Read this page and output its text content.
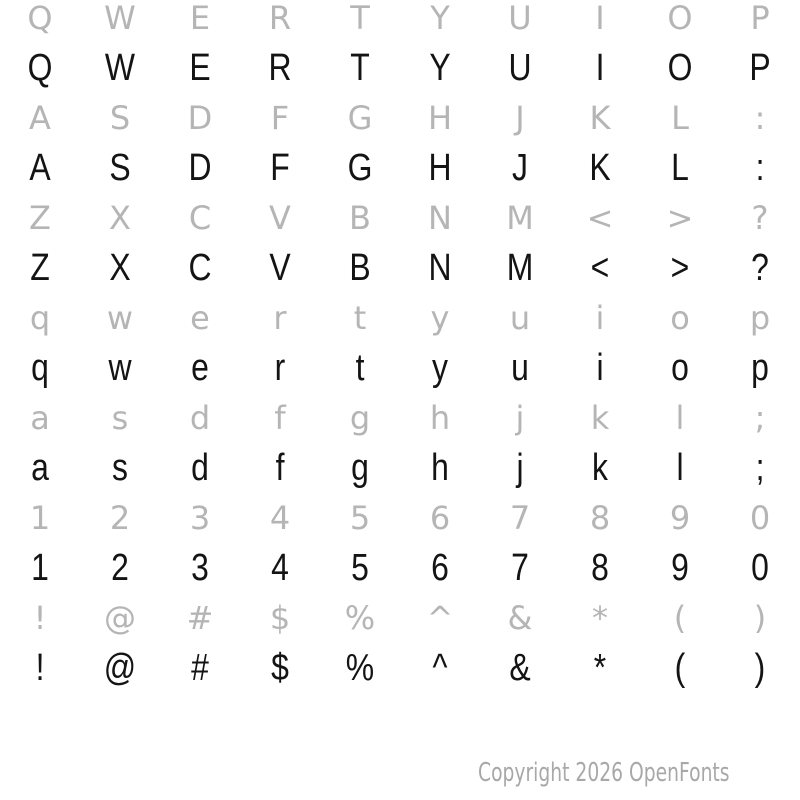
Q W E R T Y U I O P
Q W E R T Y U I O P
A S D F G H J K L :
A S D F G H J K L :
Z X C V B N M < > ?
Z X C V B N M < > ?
q w e r t y u i o p
q w e r t y u i o p
a s d f g h j k l ;
a s d f g h j k l ;
1 2 3 4 5 6 7 8 9 0
1 2 3 4 5 6 7 8 9 0
! @ # $ % ^ & * ( )
! @ # $ % ^ & * ( )
Copyright 2026 OpenFonts
